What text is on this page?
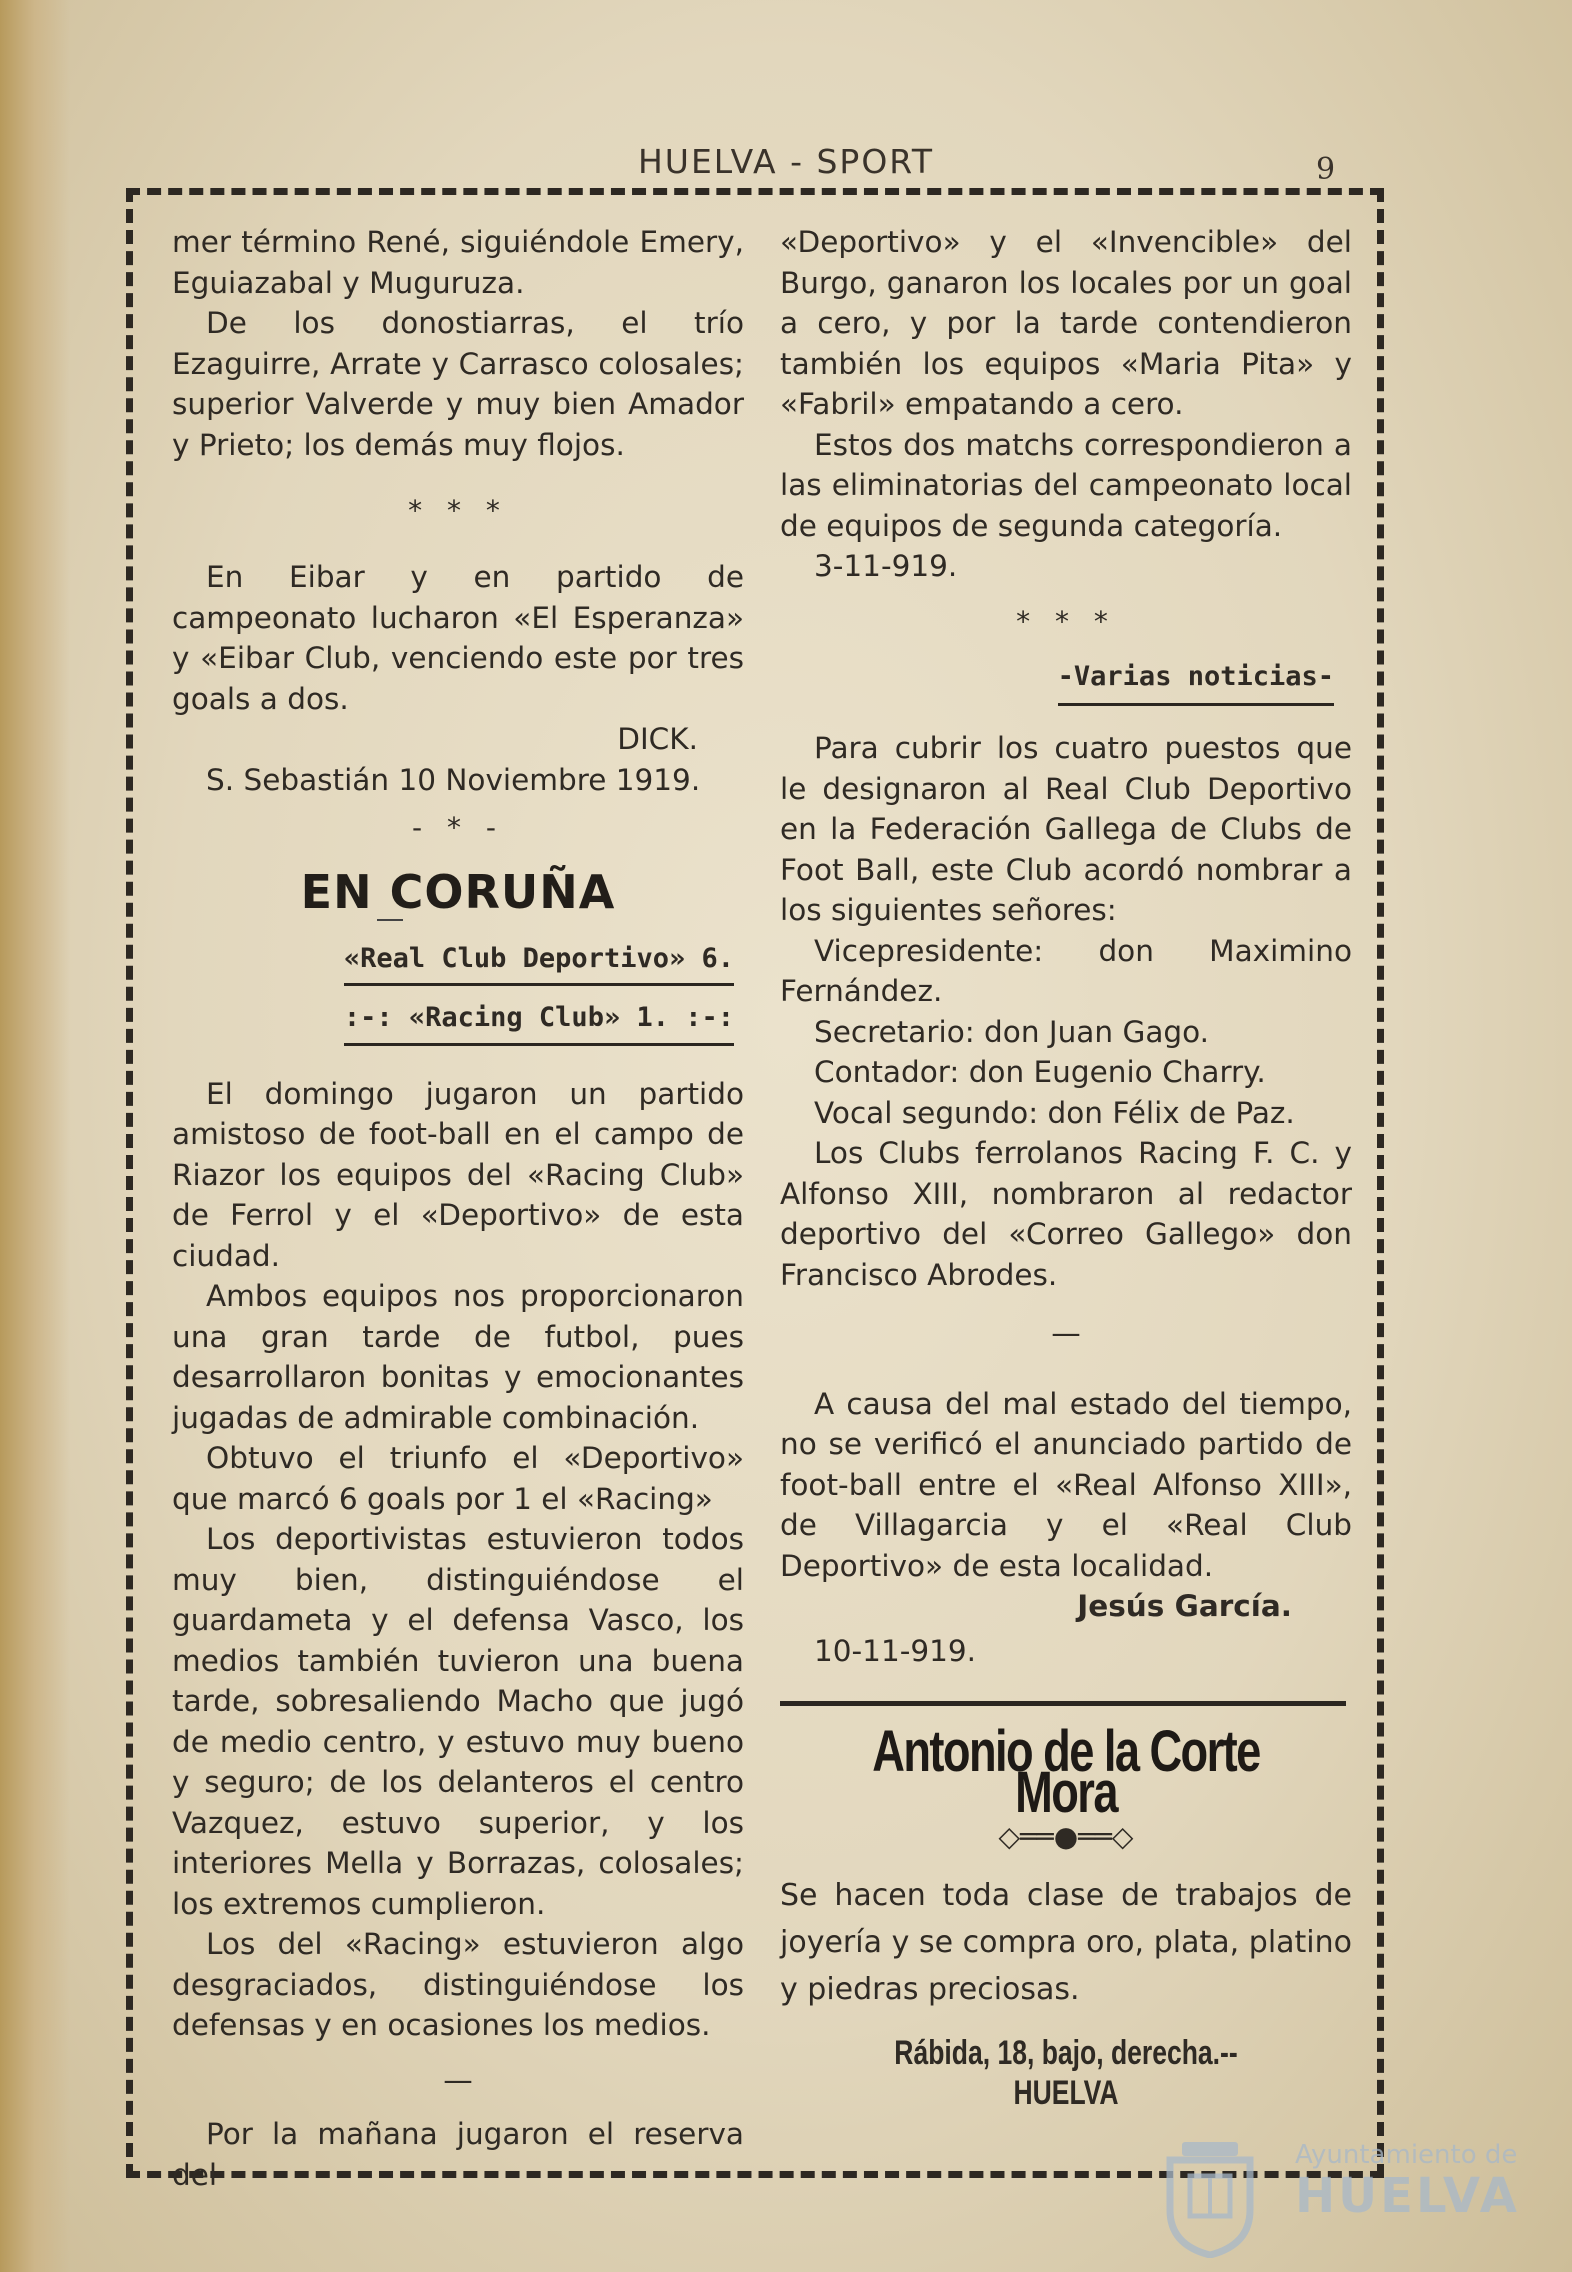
HUELVA - SPORT	9

mer término René, siguiéndole Emery, Eguiazabal y Muguruza.

De los donostiarras, el trío Ezaguirre, Arrate y Carrasco colosales; superior Valverde y muy bien Amador y Prieto; los demás muy flojos.

* * *

En Eibar y en partido de campeonato lucharon «El Esperanza» y «Eibar Club, venciendo este por tres goals a dos.

DICK.

S. Sebastián 10 Noviembre 1919.

- * -
EN CORUÑA
«Real Club Deportivo» 6.
:-: «Racing Club» 1. :-:

El domingo jugaron un partido amistoso de foot-ball en el campo de Riazor los equipos del «Racing Club» de Ferrol y el «Deportivo» de esta ciudad.

Ambos equipos nos proporcionaron una gran tarde de futbol, pues desarrollaron bonitas y emocionantes jugadas de admirable combinación.

Obtuvo el triunfo el «Deportivo» que marcó 6 goals por 1 el «Racing»

Los deportivistas estuvieron todos muy bien, distinguiéndose el guardameta y el defensa Vasco, los medios también tuvieron una buena tarde, sobresaliendo Macho que jugó de medio centro, y estuvo muy bueno y seguro; de los delanteros el centro Vazquez, estuvo superior, y los interiores Mella y Borrazas, colosales; los extremos cumplieron.

Los del «Racing» estuvieron algo desgraciados, distinguiéndose los defensas y en ocasiones los medios.

—

Por la mañana jugaron el reserva del

«Deportivo» y el «Invencible» del Burgo, ganaron los locales por un goal a cero, y por la tarde contendieron también los equipos «Maria Pita» y «Fabril» empatando a cero.

Estos dos matchs correspondieron a las eliminatorias del campeonato local de equipos de segunda categoría.

3-11-919.

* * *
-Varias noticias-

Para cubrir los cuatro puestos que le designaron al Real Club Deportivo en la Federación Gallega de Clubs de Foot Ball, este Club acordó nombrar a los siguientes señores:

Vicepresidente: don Maximino Fernández.

Secretario: don Juan Gago.

Contador: don Eugenio Charry.

Vocal segundo: don Félix de Paz.

Los Clubs ferrolanos Racing F. C. y Alfonso XIII, nombraron al redactor deportivo del «Correo Gallego» don Francisco Abrodes.

—

A causa del mal estado del tiempo, no se verificó el anunciado partido de foot-ball entre el «Real Alfonso XIII», de Villagarcia y el «Real Club Deportivo» de esta localidad.

Jesús García.

10-11-919.

Antonio de la Corte Mora
◇══●══◇
Se hacen toda clase de trabajos de joyería y se compra oro, plata, platino y piedras preciosas.
Rábida, 18, bajo, derecha.--HUELVA
Ayuntamiento de
HUELVA
